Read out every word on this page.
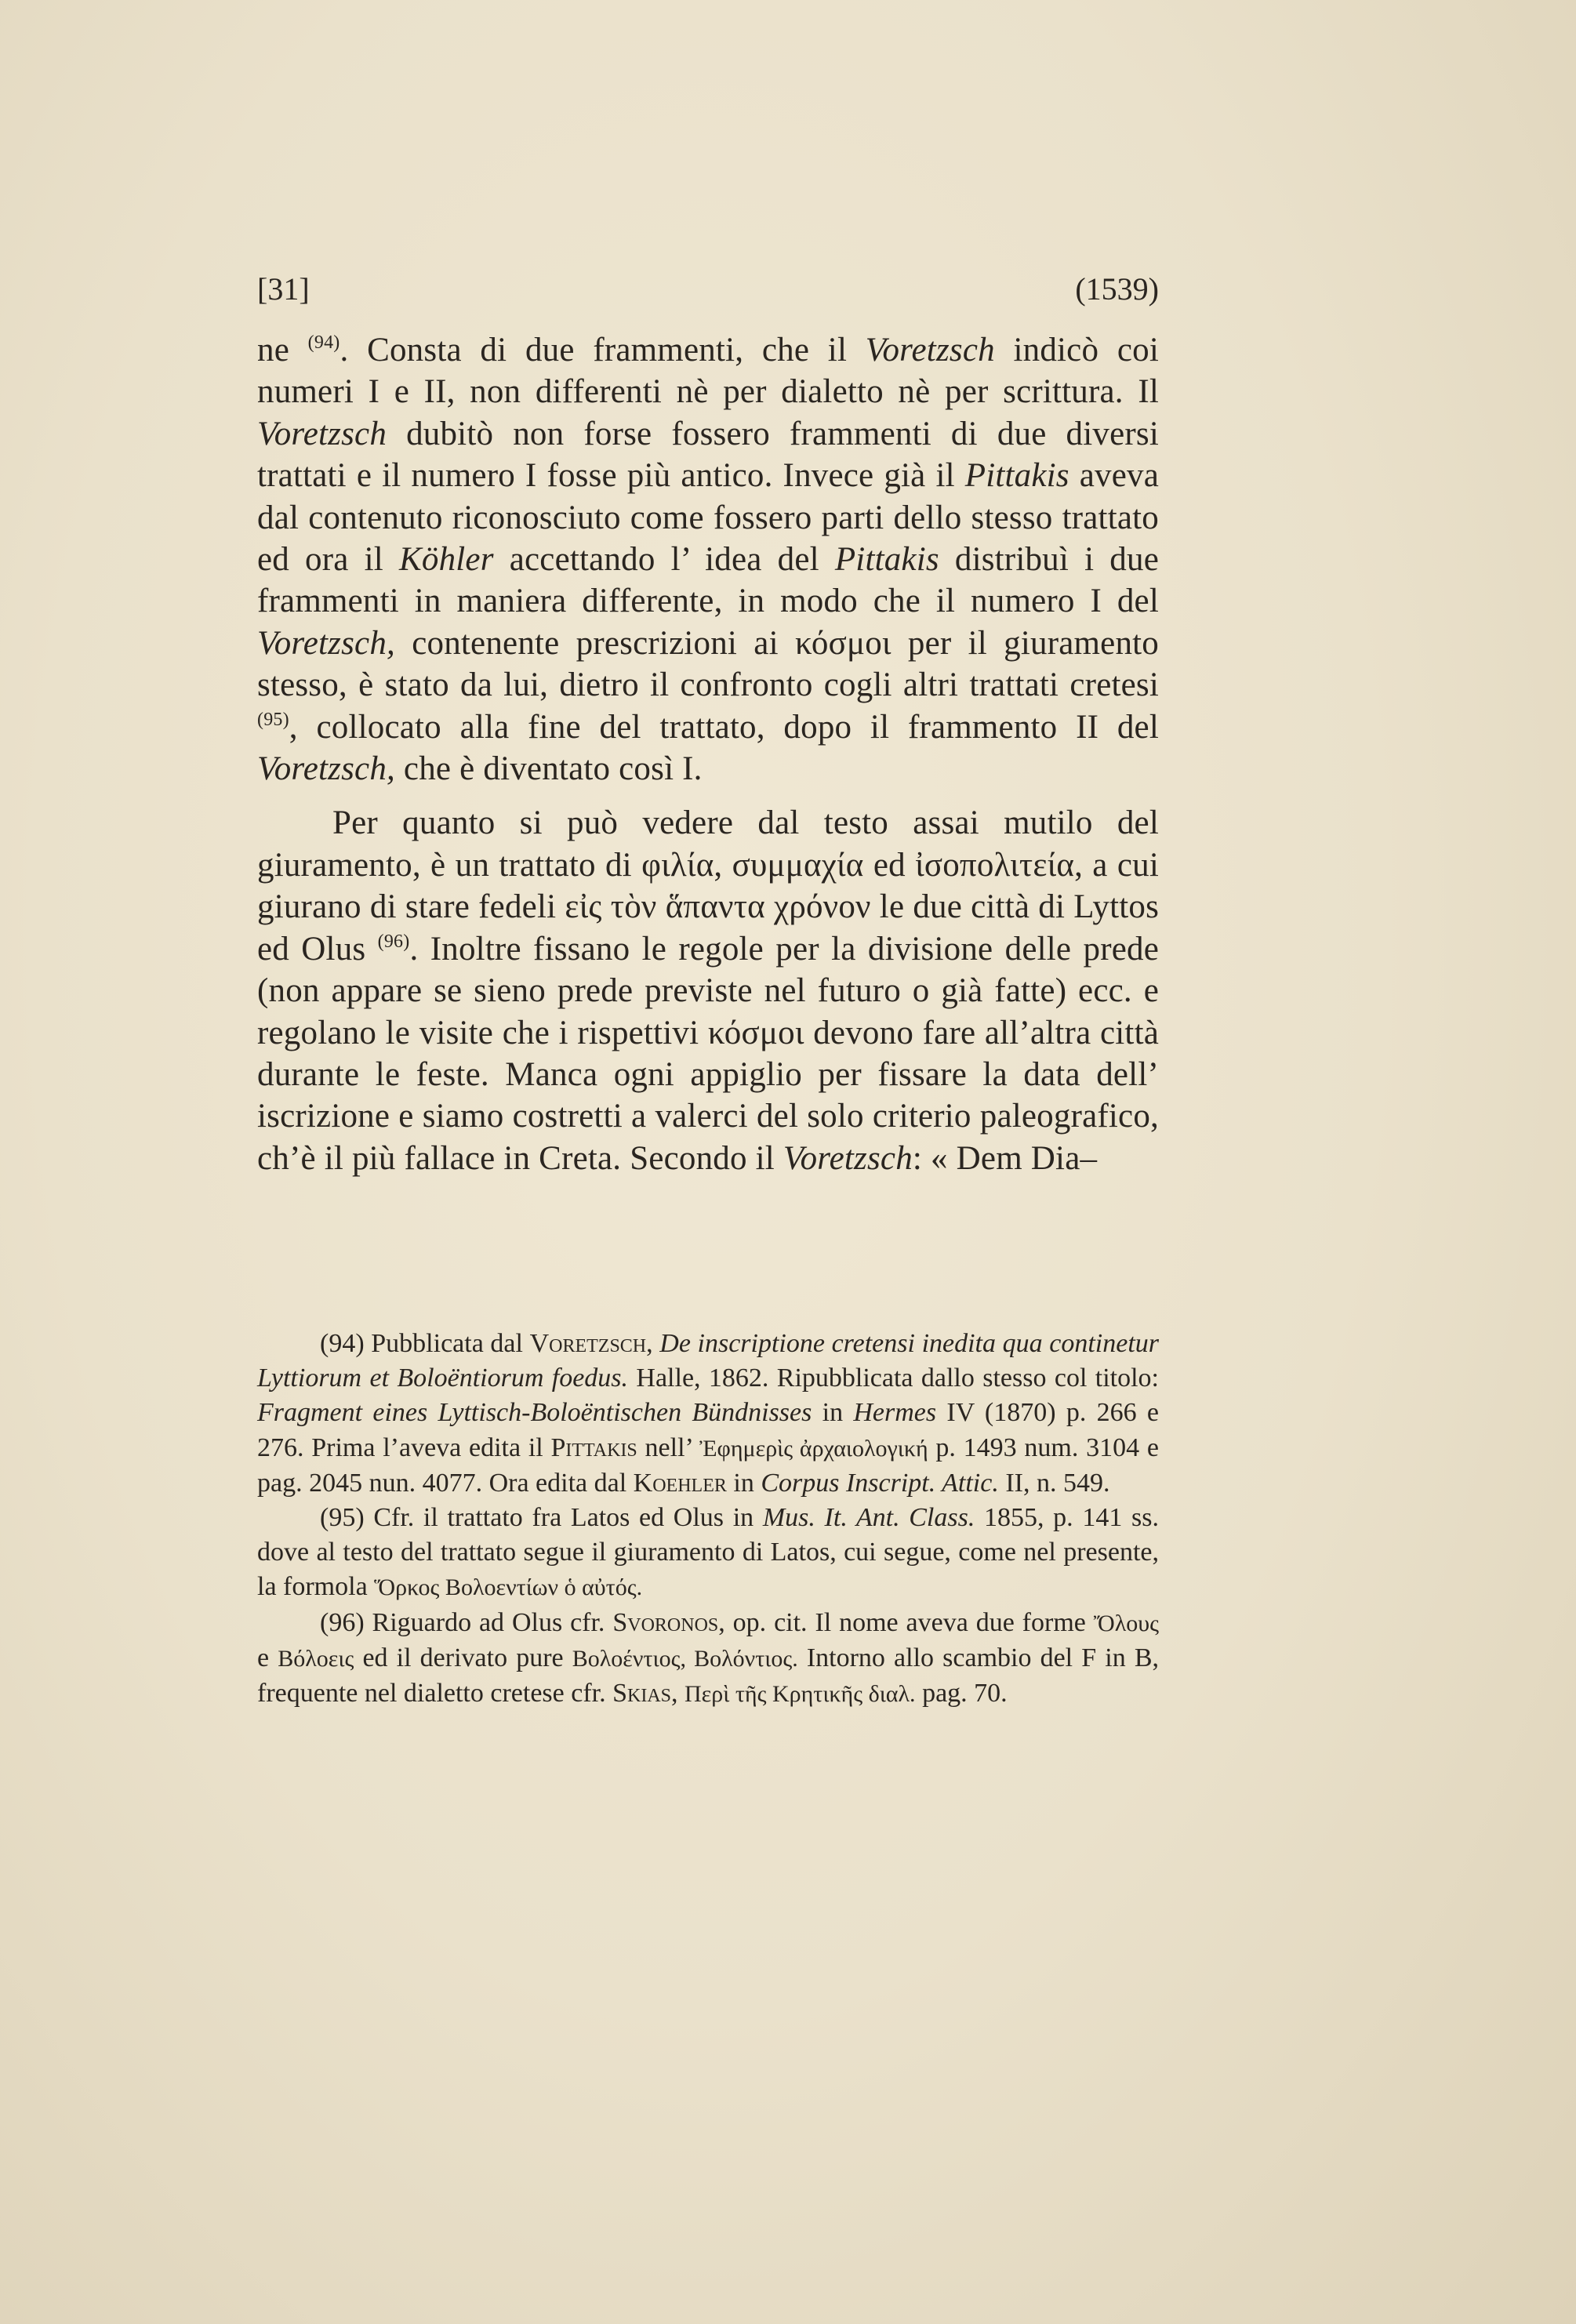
[31]	(1539)

ne $^{(94)}$. Consta di due frammenti, che il Voretzsch indicò coi numeri I e II, non differenti nè per dialetto nè per scrittura. Il Voretzsch dubitò non forse fossero frammenti di due diversi trattati e il numero I fosse più antico. Invece già il Pittakis aveva dal contenuto riconosciuto come fossero parti dello stesso trattato ed ora il Köhler accettando l’ idea del Pittakis distribuì i due frammenti in maniera differente, in modo che il numero I del Voretzsch, contenente prescrizioni ai κόσμοι per il giuramento stesso, è stato da lui, dietro il confronto cogli altri trattati cretesi $^{(95)}$, collocato alla fine del trattato, dopo il frammento II del Voretzsch, che è diventato così I.

Per quanto si può vedere dal testo assai mutilo del giuramento, è un trattato di φιλία, συμμαχία ed ἰσοπολιτεία, a cui giurano di stare fedeli εἰς τὸν ἅπαντα χρόνον le due città di Lyttos ed Olus $^{(96)}$. Inoltre fissano le regole per la divisione delle prede (non appare se sieno prede previste nel futuro o già fatte) ecc. e regolano le visite che i rispettivi κόσμοι devono fare all’altra città durante le feste. Manca ogni appiglio per fissare la data dell’ iscrizione e siamo costretti a valerci del solo criterio paleografico, ch’è il più fallace in Creta. Secondo il Voretzsch: « Dem Dia–

(94) Pubblicata dal Voretzsch, De inscriptione cretensi inedita qua continetur Lyttiorum et Boloëntiorum foedus. Halle, 1862. Ripubblicata dallo stesso col titolo: Fragment eines Lyttisch-Boloëntischen Bündnisses in Hermes IV (1870) p. 266 e 276. Prima l’aveva edita il Pittakis nell’ Ἐφημερὶς ἀρχαιολογική p. 1493 num. 3104 e pag. 2045 nun. 4077. Ora edita dal Koehler in Corpus Inscript. Attic. II, n. 549.

(95) Cfr. il trattato fra Latos ed Olus in Mus. It. Ant. Class. 1855, p. 141 ss. dove al testo del trattato segue il giuramento di Latos, cui segue, come nel presente, la formola Ὅρκος Βολοεντίων ὁ αὐτός.

(96) Riguardo ad Olus cfr. Svoronos, op. cit. Il nome aveva due forme Ὄλους e Βόλοεις ed il derivato pure Βολοέντιος, Βολόντιος. Intorno allo scambio del F in B, frequente nel dialetto cretese cfr. Skias, Περὶ τῆς Κρητικῆς διαλ. pag. 70.
